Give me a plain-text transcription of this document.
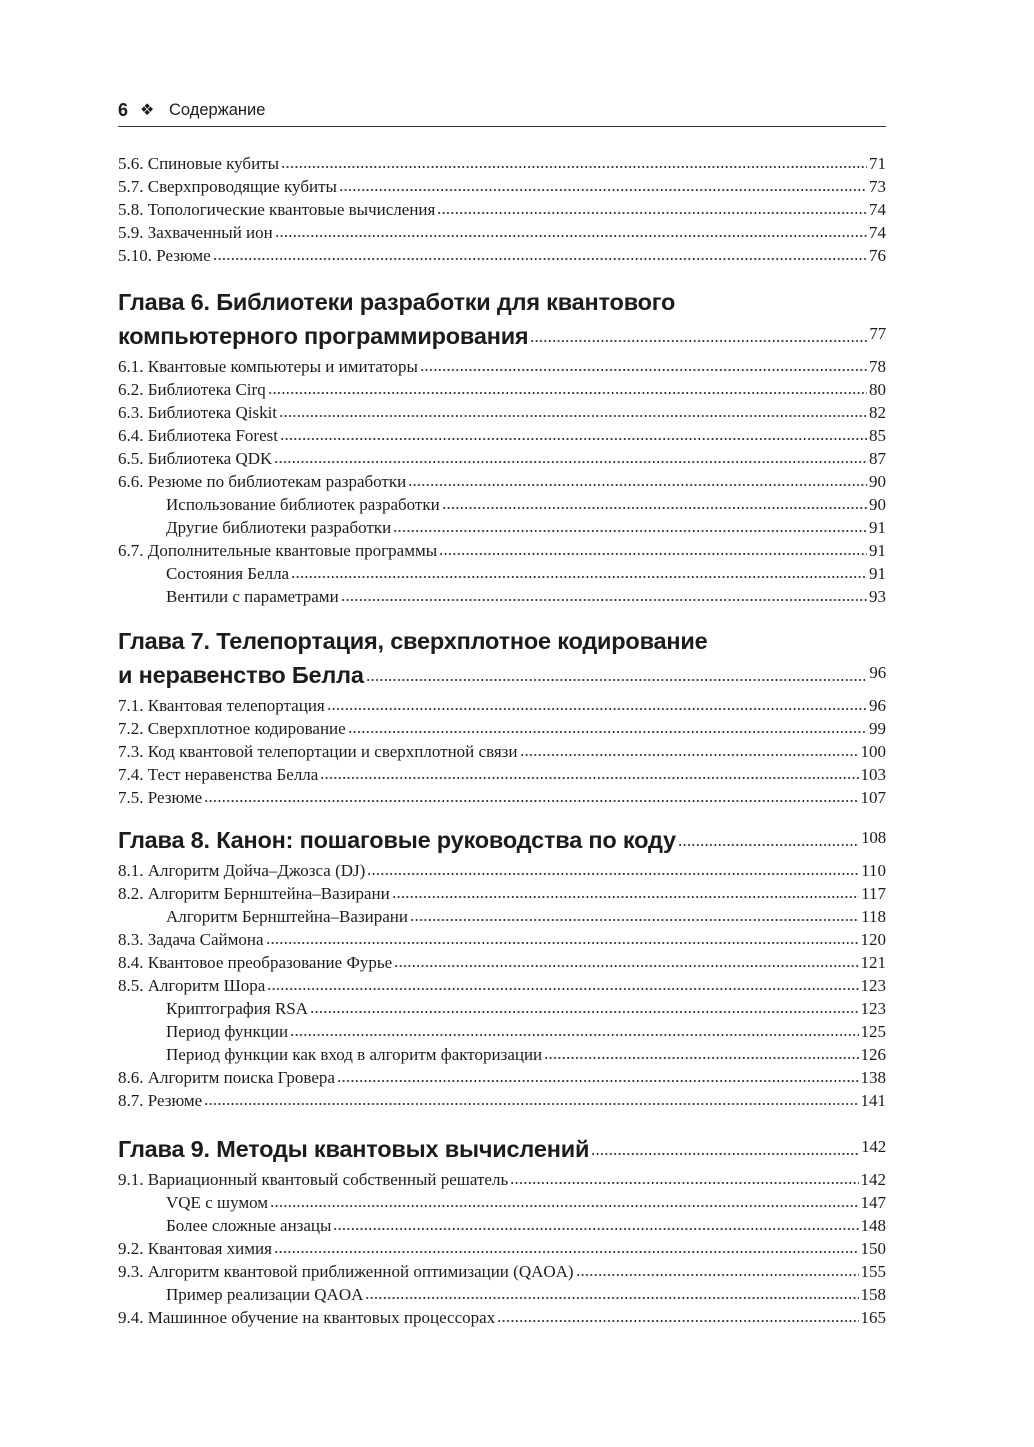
6 ❖ Содержание
5.6. Спиновые кубиты	71
5.7. Сверхпроводящие кубиты	73
5.8. Топологические квантовые вычисления	74
5.9. Захваченный ион	74
5.10. Резюме	76
Глава 6. Библиотеки разработки для квантового
компьютерного программирования	77
6.1. Квантовые компьютеры и имитаторы	78
6.2. Библиотека Cirq	80
6.3. Библиотека Qiskit	82
6.4. Библиотека Forest	85
6.5. Библиотека QDK	87
6.6. Резюме по библиотекам разработки	90
Использование библиотек разработки	90
Другие библиотеки разработки	91
6.7. Дополнительные квантовые программы	91
Состояния Белла	91
Вентили с параметрами	93
Глава 7. Телепортация, сверхплотное кодирование
и неравенство Белла	96
7.1. Квантовая телепортация	96
7.2. Сверхплотное кодирование	99
7.3. Код квантовой телепортации и сверхплотной связи	100
7.4. Тест неравенства Белла	103
7.5. Резюме	107
Глава 8. Канон: пошаговые руководства по коду	108
8.1. Алгоритм Дойча–Джозса (DJ)	110
8.2. Алгоритм Бернштейна–Вазирани	117
Алгоритм Бернштейна–Вазирани	118
8.3. Задача Саймона	120
8.4. Квантовое преобразование Фурье	121
8.5. Алгоритм Шора	123
Криптография RSA	123
Период функции	125
Период функции как вход в алгоритм факторизации	126
8.6. Алгоритм поиска Гровера	138
8.7. Резюме	141
Глава 9. Методы квантовых вычислений	142
9.1. Вариационный квантовый собственный решатель	142
VQE с шумом	147
Более сложные анзацы	148
9.2. Квантовая химия	150
9.3. Алгоритм квантовой приближенной оптимизации (QAOA)	155
Пример реализации QAOA	158
9.4. Машинное обучение на квантовых процессорах	165
